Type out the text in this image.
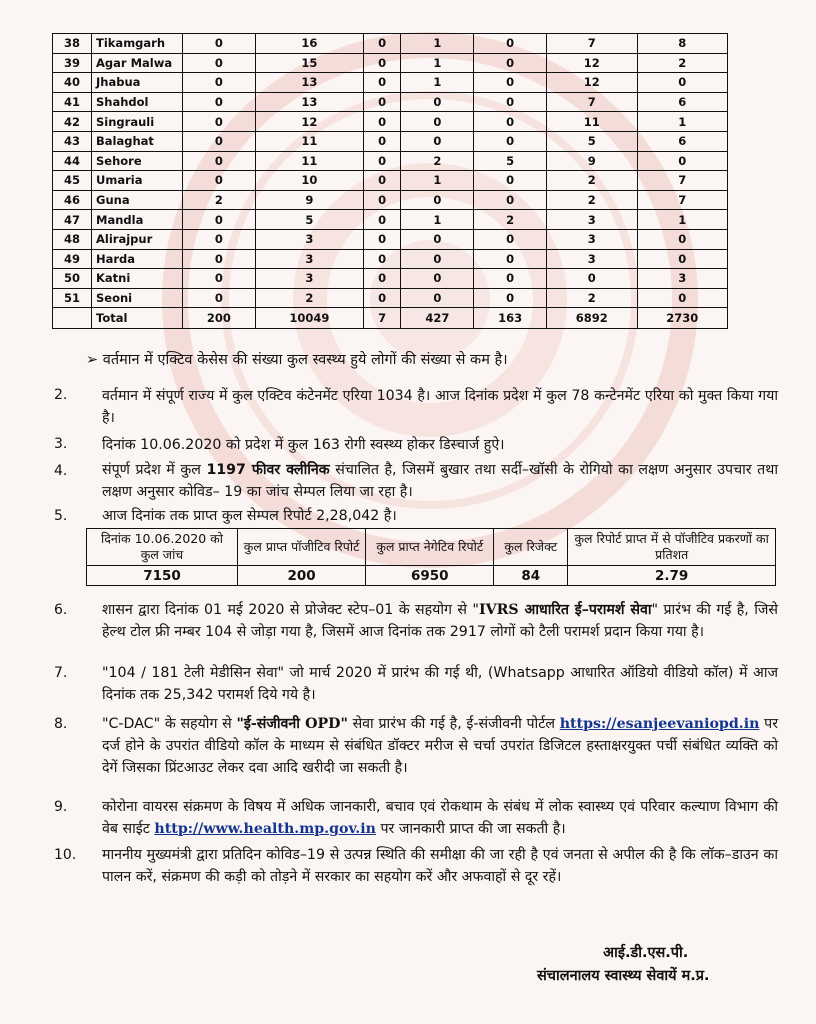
38	Tikamgarh	0	16	0	1	0	7	8
39	Agar Malwa	0	15	0	1	0	12	2
40	Jhabua	0	13	0	1	0	12	0
41	Shahdol	0	13	0	0	0	7	6
42	Singrauli	0	12	0	0	0	11	1
43	Balaghat	0	11	0	0	0	5	6
44	Sehore	0	11	0	2	5	9	0
45	Umaria	0	10	0	1	0	2	7
46	Guna	2	9	0	0	0	2	7
47	Mandla	0	5	0	1	2	3	1
48	Alirajpur	0	3	0	0	0	3	0
49	Harda	0	3	0	0	0	3	0
50	Katni	0	3	0	0	0	0	3
51	Seoni	0	2	0	0	0	2	0
	Total	200	10049	7	427	163	6892	2730
➢ वर्तमान में एक्टिव केसेस की संख्या कुल स्वस्थ्य हुये लोगों की संख्या से कम है।
2. वर्तमान में संपूर्ण राज्य में कुल एक्टिव कंटेनमेंट एरिया 1034 है। आज दिनांक प्रदेश में कुल 78 कन्टेनमेंट एरिया को मुक्त किया गया है।
3. दिनांक 10.06.2020 को प्रदेश में कुल 163 रोगी स्वस्थ्य होकर डिस्चार्ज हुऐ।
4. संपूर्ण प्रदेश में कुल 1197 फीवर क्लीनिक संचालित है, जिसमें बुखार तथा सर्दी–खॉसी के रोगियो का लक्षण अनुसार उपचार तथा लक्षण अनुसार कोविड– 19 का जांच सेम्पल लिया जा रहा है।
5. आज दिनांक तक प्राप्त कुल सेम्पल रिपोर्ट 2,28,042 है।
दिनांक 10.06.2020 को कुल जांच	कुल प्राप्त पॉजीटिव रिपोर्ट	कुल प्राप्त नेगेटिव रिपोर्ट	कुल रिजेक्ट	कुल रिपोर्ट प्राप्त में से पॉजीटिव प्रकरणों का प्रतिशत
7150	200	6950	84	2.79
6. शासन द्वारा दिनांक 01 मई 2020 से प्रोजेक्ट स्टेप–01 के सहयोग से "IVRS आधारित ई–परामर्श सेवा" प्रारंभ की गई है, जिसे हेल्थ टोल फ्री नम्बर 104 से जोड़ा गया है, जिसमें आज दिनांक तक 2917 लोगों को टैली परामर्श प्रदान किया गया है।
7. "104 / 181 टेली मेडीसिन सेवा" जो मार्च 2020 में प्रारंभ की गई थी, (Whatsapp आधारित ऑडियो वीडियो कॉल) में आज दिनांक तक 25,342 परामर्श दिये गये है।
8. "C-DAC" के सहयोग से "ई-संजीवनी OPD" सेवा प्रारंभ की गई है, ई-संजीवनी पोर्टल https://esanjeevaniopd.in पर दर्ज होने के उपरांत वीडियो कॉल के माध्यम से संबंधित डॉक्टर मरीज से चर्चा उपरांत डिजिटल हस्ताक्षरयुक्त पर्ची संबंधित व्यक्ति को देगें जिसका प्रिंटआउट लेकर दवा आदि खरीदी जा सकती है।
9. कोरोना वायरस संक्रमण के विषय में अधिक जानकारी, बचाव एवं रोकथाम के संबंध में लोक स्वास्थ्य एवं परिवार कल्याण विभाग की वेब साईट http://www.health.mp.gov.in पर जानकारी प्राप्त की जा सकती है।
10. माननीय मुख्यमंत्री द्वारा प्रतिदिन कोविड–19 से उत्पन्न स्थिति की समीक्षा की जा रही है एवं जनता से अपील की है कि लॉक–डाउन का पालन करें, संक्रमण की कड़ी को तोड़ने में सरकार का सहयोग करें और अफवाहों से दूर रहें।
आई.डी.एस.पी.
संचालनालय स्वास्थ्य सेवायें म.प्र.
